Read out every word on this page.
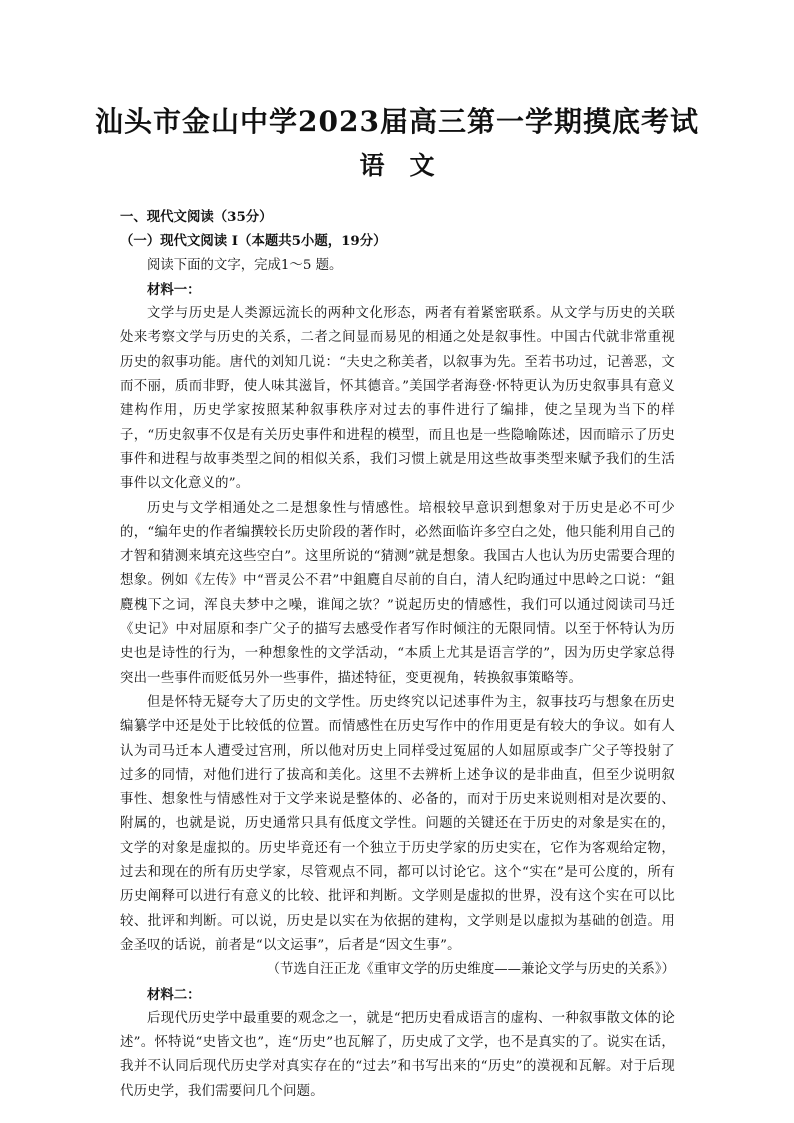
汕头市金山中学2023届高三第一学期摸底考试
语　文

一、现代文阅读（35分）

（一）现代文阅读 I（本题共5小题，19分）

阅读下面的文字，完成1～5 题。

材料一：

文学与历史是人类源远流长的两种文化形态，两者有着紧密联系。从文学与历史的关联处来考察文学与历史的关系，二者之间显而易见的相通之处是叙事性。中国古代就非常重视历史的叙事功能。唐代的刘知几说：“夫史之称美者，以叙事为先。至若书功过，记善恶，文而不丽，质而非野，使人味其滋旨，怀其德音。”美国学者海登·怀特更认为历史叙事具有意义建构作用，历史学家按照某种叙事秩序对过去的事件进行了编排，使之呈现为当下的样子，“历史叙事不仅是有关历史事件和进程的模型，而且也是一些隐喻陈述，因而暗示了历史事件和进程与故事类型之间的相似关系，我们习惯上就是用这些故事类型来赋予我们的生活事件以文化意义的”。

历史与文学相通处之二是想象性与情感性。培根较早意识到想象对于历史是必不可少的，“编年史的作者编撰较长历史阶段的著作时，必然面临许多空白之处，他只能利用自己的才智和猜测来填充这些空白”。这里所说的“猜测”就是想象。我国古人也认为历史需要合理的想象。例如《左传》中“晋灵公不君”中鉏麑自尽前的自白，清人纪昀通过中思岭之口说：“鉏麑槐下之词，浑良夫梦中之噪，谁闻之欤？”说起历史的情感性，我们可以通过阅读司马迁《史记》中对屈原和李广父子的描写去感受作者写作时倾注的无限同情。以至于怀特认为历史也是诗性的行为，一种想象性的文学活动，“本质上尤其是语言学的”，因为历史学家总得突出一些事件而贬低另外一些事件，描述特征，变更视角，转换叙事策略等。

但是怀特无疑夸大了历史的文学性。历史终究以记述事件为主，叙事技巧与想象在历史编纂学中还是处于比较低的位置。而情感性在历史写作中的作用更是有较大的争议。如有人认为司马迁本人遭受过宫刑，所以他对历史上同样受过冤屈的人如屈原或李广父子等投射了过多的同情，对他们进行了拔高和美化。这里不去辨析上述争议的是非曲直，但至少说明叙事性、想象性与情感性对于文学来说是整体的、必备的，而对于历史来说则相对是次要的、附属的，也就是说，历史通常只具有低度文学性。问题的关键还在于历史的对象是实在的，文学的对象是虚拟的。历史毕竟还有一个独立于历史学家的历史实在，它作为客观给定物，过去和现在的所有历史学家，尽管观点不同，都可以讨论它。这个“实在”是可公度的，所有历史阐释可以进行有意义的比较、批评和判断。文学则是虚拟的世界，没有这个实在可以比较、批评和判断。可以说，历史是以实在为依据的建构，文学则是以虚拟为基础的创造。用金圣叹的话说，前者是“以文运事”，后者是“因文生事”。

（节选自汪正龙《重审文学的历史维度——兼论文学与历史的关系》）

材料二：

后现代历史学中最重要的观念之一，就是“把历史看成语言的虚构、一种叙事散文体的论述”。怀特说“史皆文也”，连“历史”也瓦解了，历史成了文学，也不是真实的了。说实在话，我并不认同后现代历史学对真实存在的“过去”和书写出来的“历史”的漠视和瓦解。对于后现代历史学，我们需要问几个问题。
